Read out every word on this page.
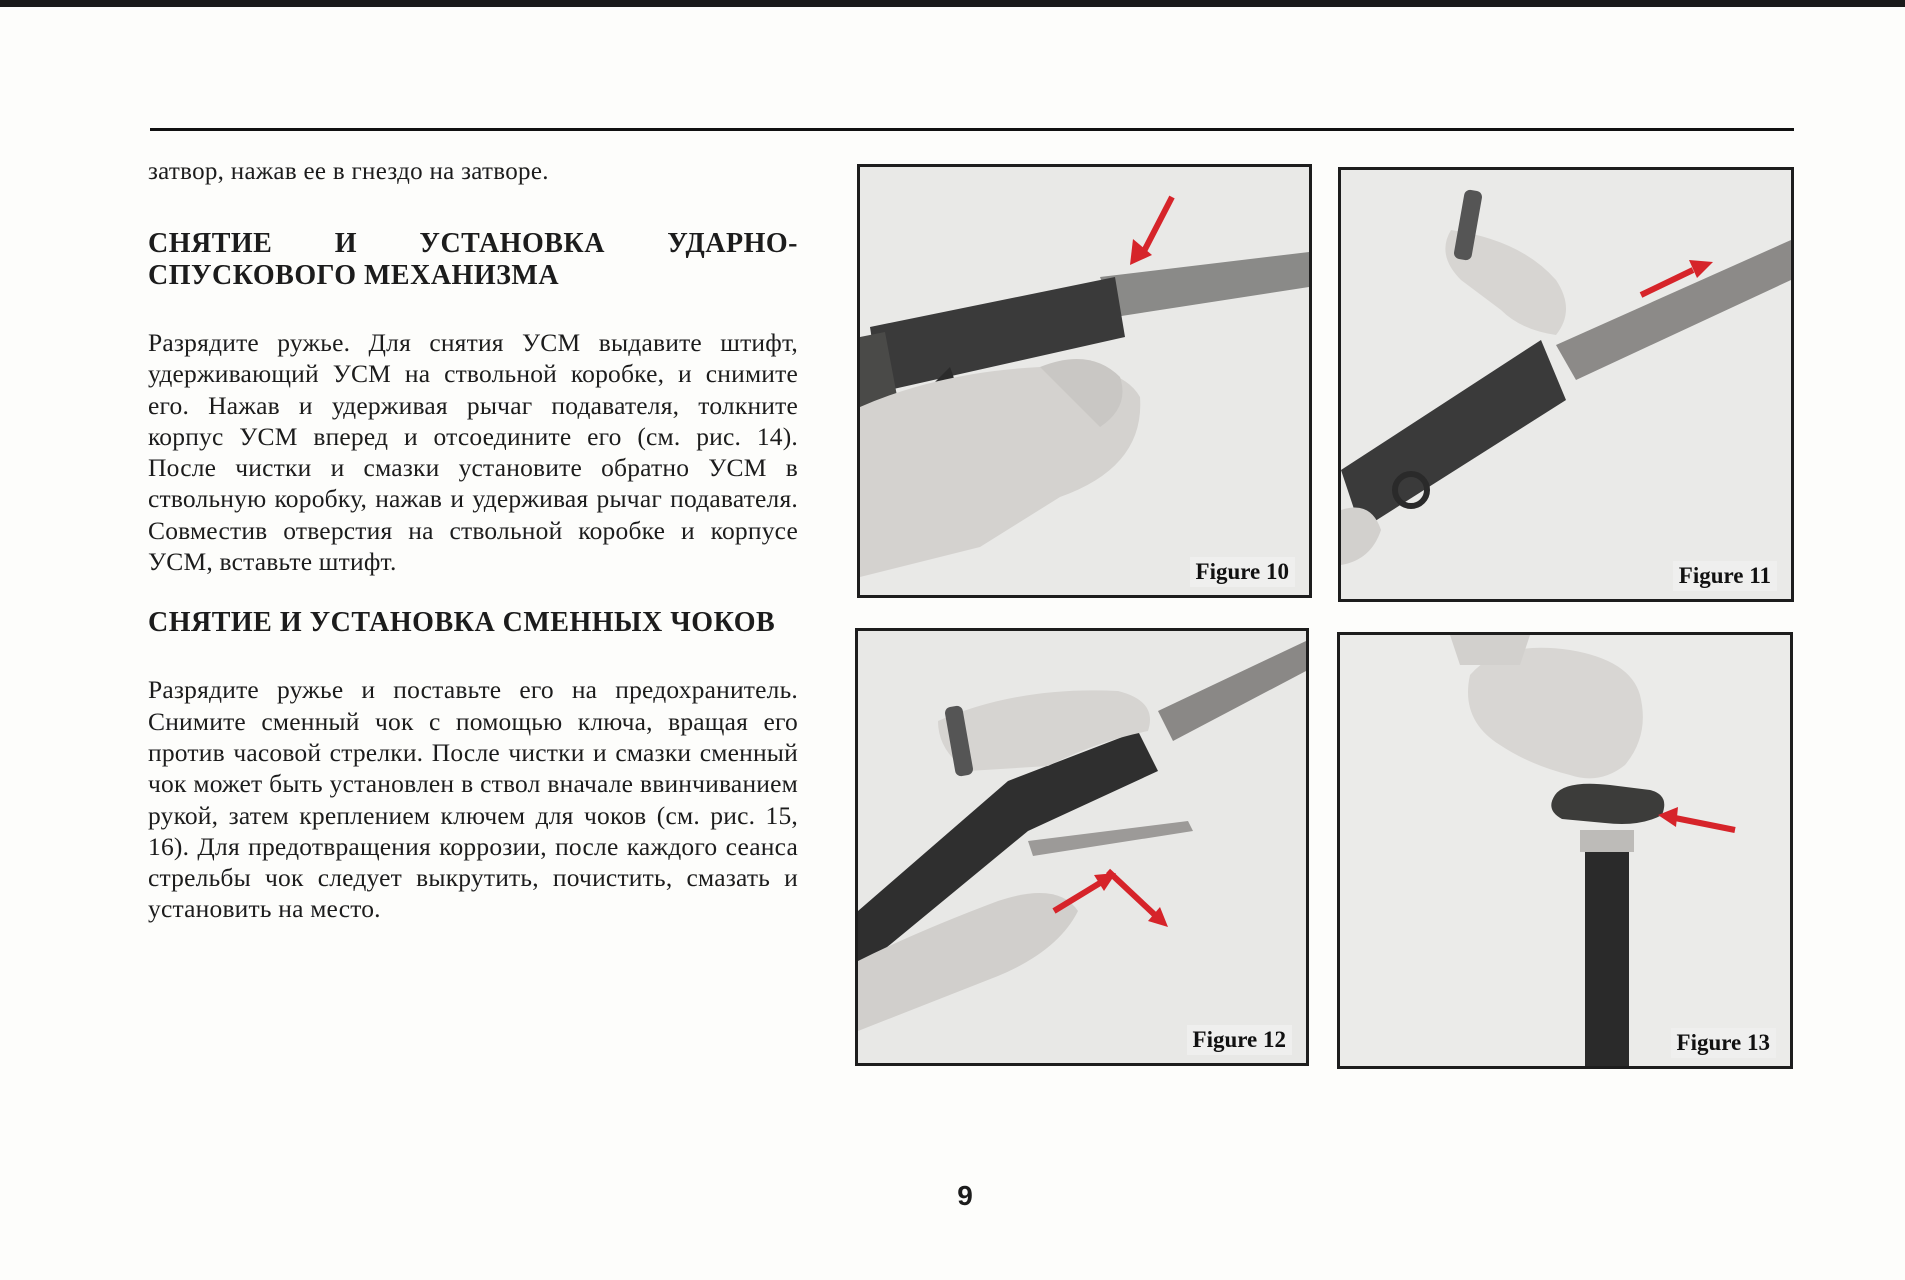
затвор, нажав ее в гнездо на затворе.

СНЯТИЕ И УСТАНОВКА УДАРНО-СПУСКОВОГО МЕХАНИЗМА

Разрядите ружье. Для снятия УСМ выдавите штифт, удерживающий УСМ на ствольной коробке, и снимите его. Нажав и удерживая рычаг подавателя, толкните корпус УСМ вперед и отсоедините его (см. рис. 14). После чистки и смазки установите обратно УСМ в ствольную коробку, нажав и удерживая рычаг подавателя. Совместив отверстия на ствольной коробке и корпусе УСМ, вставьте штифт.

СНЯТИЕ И УСТАНОВКА СМЕННЫХ ЧОКОВ

Разрядите ружье и поставьте его на предохранитель. Снимите сменный чок с помощью ключа, вращая его против часовой стрелки. После чистки и смазки сменный чок может быть установлен в ствол вначале ввинчиванием рукой, затем креплением ключем для чоков (см. рис. 15, 16). Для предотвращения коррозии, после каждого сеанса стрельбы чок следует выкрутить, почистить, смазать и установить на место.

Figure 10	Figure 11
Figure 12	Figure 13
9
